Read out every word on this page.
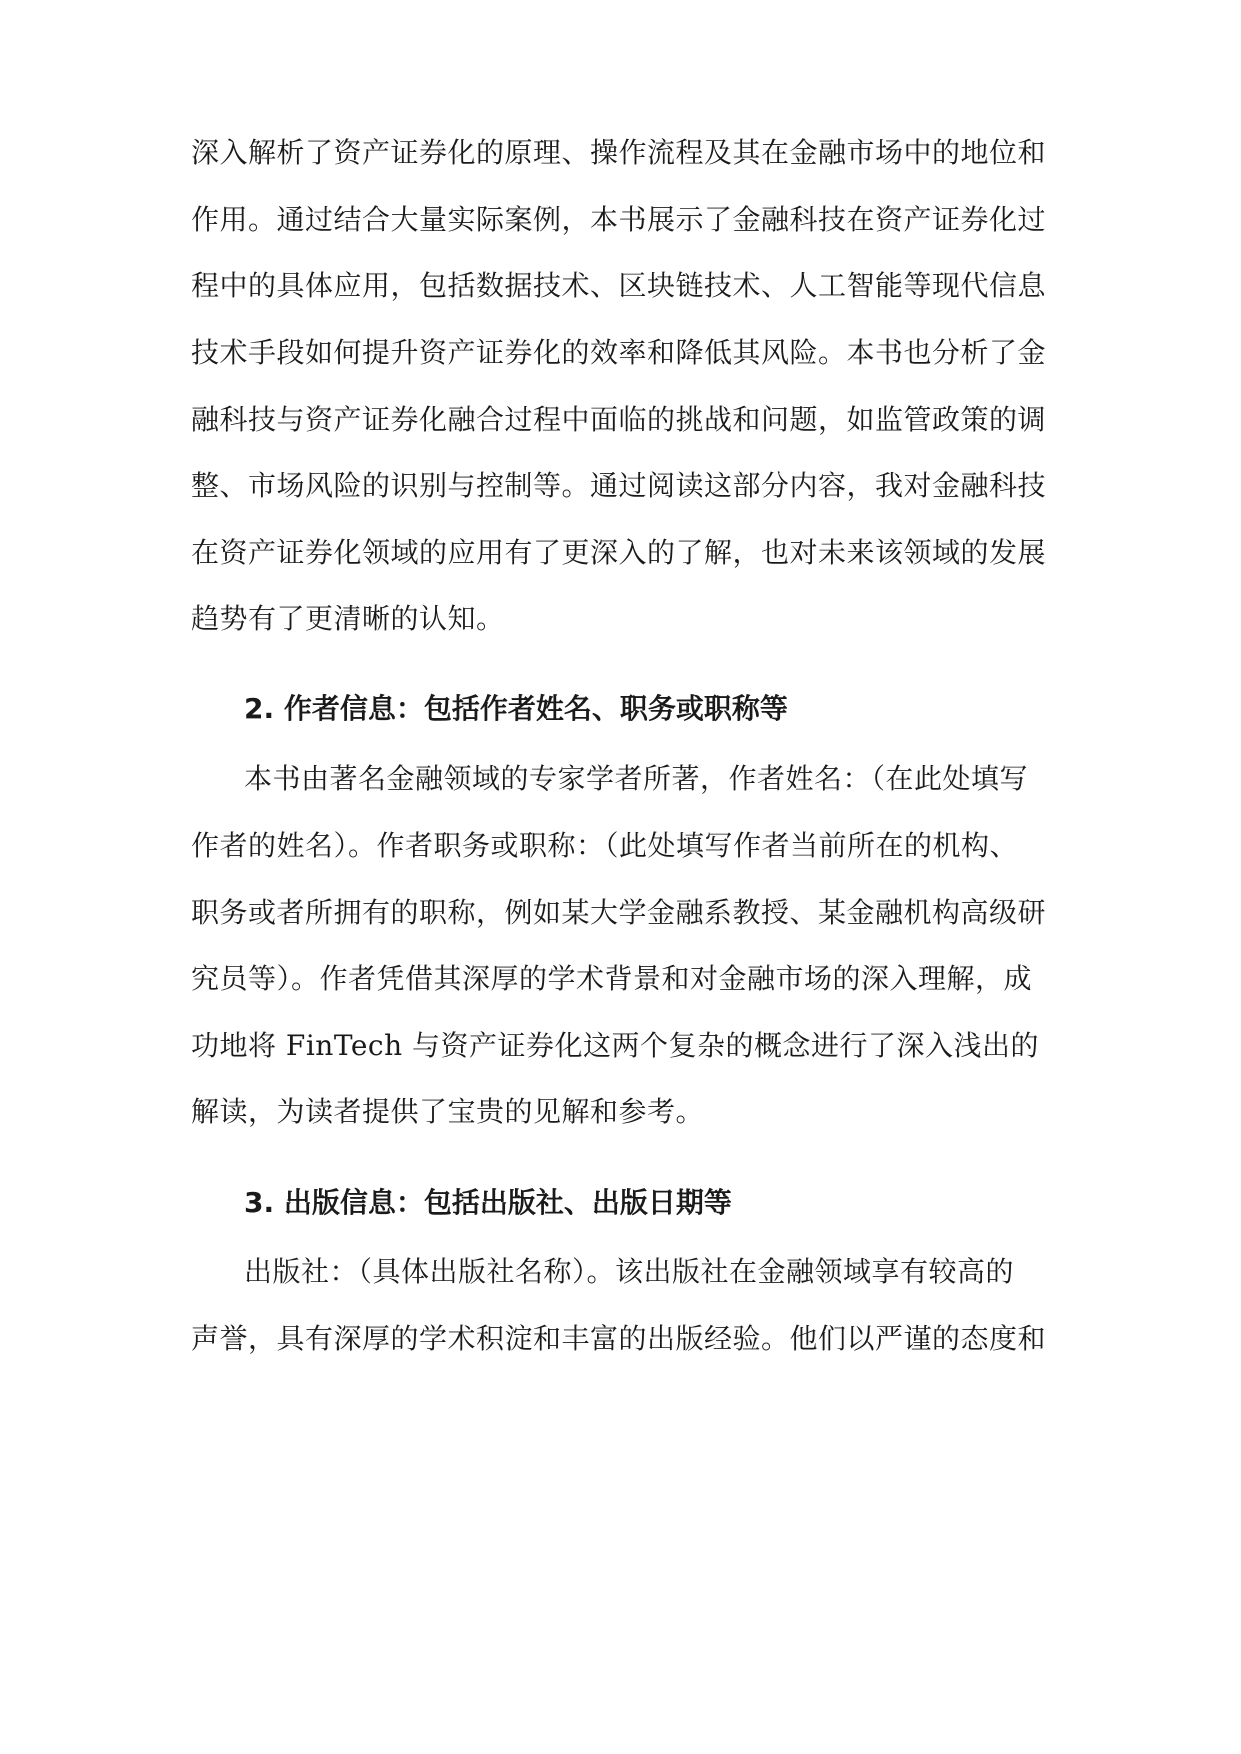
深入解析了资产证券化的原理、操作流程及其在金融市场中的地位和
作用。通过结合大量实际案例，本书展示了金融科技在资产证券化过
程中的具体应用，包括数据技术、区块链技术、人工智能等现代信息
技术手段如何提升资产证券化的效率和降低其风险。本书也分析了金
融科技与资产证券化融合过程中面临的挑战和问题，如监管政策的调
整、市场风险的识别与控制等。通过阅读这部分内容，我对金融科技
在资产证券化领域的应用有了更深入的了解，也对未来该领域的发展
趋势有了更清晰的认知。
2. 作者信息：包括作者姓名、职务或职称等
本书由著名金融领域的专家学者所著，作者姓名：（在此处填写
作者的姓名）。作者职务或职称：（此处填写作者当前所在的机构、
职务或者所拥有的职称，例如某大学金融系教授、某金融机构高级研
究员等）。作者凭借其深厚的学术背景和对金融市场的深入理解，成
功地将 FinTech 与资产证券化这两个复杂的概念进行了深入浅出的
解读，为读者提供了宝贵的见解和参考。
3. 出版信息：包括出版社、出版日期等
出版社：（具体出版社名称）。该出版社在金融领域享有较高的
声誉，具有深厚的学术积淀和丰富的出版经验。他们以严谨的态度和
